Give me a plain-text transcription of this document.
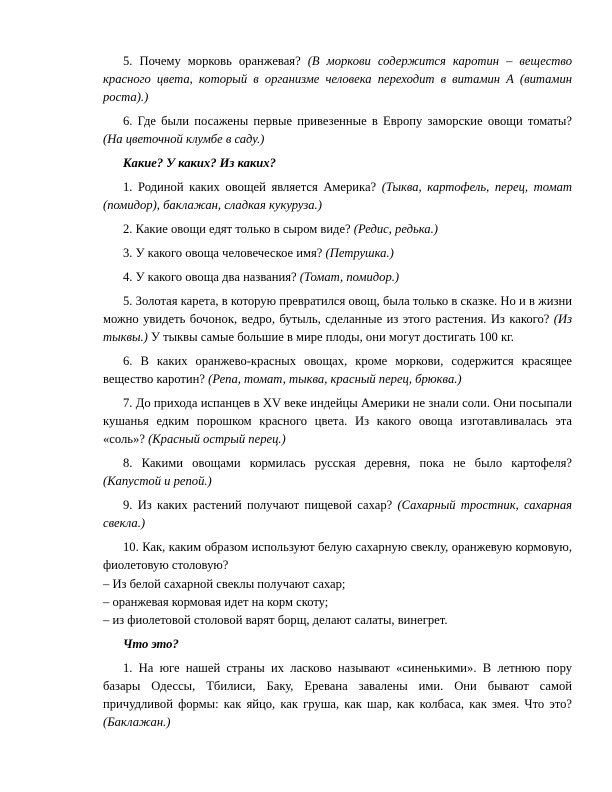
5. Почему морковь оранжевая? (В моркови содержится каротин – вещество красного цвета, который в организме человека переходит в витамин А (витамин роста).)

6. Где были посажены первые привезенные в Европу заморские овощи томаты? (На цветочной клумбе в саду.)

Какие? У каких? Из каких?

1. Родиной каких овощей является Америка? (Тыква, картофель, перец, томат (помидор), баклажан, сладкая кукуруза.)

2. Какие овощи едят только в сыром виде? (Редис, редька.)

3. У какого овоща человеческое имя? (Петрушка.)

4. У какого овоща два названия? (Томат, помидор.)

5. Золотая карета, в которую превратился овощ, была только в сказке. Но и в жизни можно увидеть бочонок, ведро, бутыль, сделанные из этого растения. Из какого? (Из тыквы.) У тыквы самые большие в мире плоды, они могут достигать 100 кг.

6. В каких оранжево-красных овощах, кроме моркови, содержится красящее вещество каротин? (Репа, томат, тыква, красный перец, брюква.)

7. До прихода испанцев в XV веке индейцы Америки не знали соли. Они посыпали кушанья едким порошком красного цвета. Из какого овоща изготавливалась эта «соль»? (Красный острый перец.)

8. Какими овощами кормилась русская деревня, пока не было картофеля? (Капустой и репой.)

9. Из каких растений получают пищевой сахар? (Сахарный тростник, сахарная свекла.)

10. Как, каким образом используют белую сахарную свеклу, оранжевую кормовую, фиолетовую столовую?

– Из белой сахарной свеклы получают сахар;

– оранжевая кормовая идет на корм скоту;

– из фиолетовой столовой варят борщ, делают салаты, винегрет.

Что это?

1. На юге нашей страны их ласково называют «синенькими». В летнюю пору базары Одессы, Тбилиси, Баку, Еревана завалены ими. Они бывают самой причудливой формы: как яйцо, как груша, как шар, как колбаса, как змея. Что это? (Баклажан.)
